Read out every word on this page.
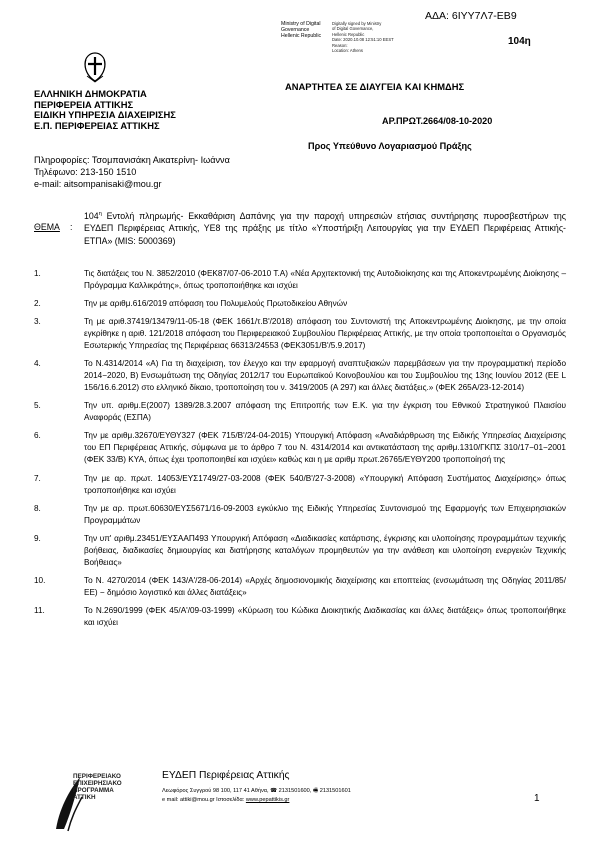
ΑΔΑ: 6ΙΥΥ7Λ7-ΕΒ9
Ministry of Digital
Governance
Hellenic Republic
Digitally signed by Ministry
of Digital Governance,
Hellenic Republic
Date: 2020.10.08 12:51:10 EEST
Reason:
Location: Athens
104η
ΕΛΛΗΝΙΚΗ ΔΗΜΟΚΡΑΤΙΑ
ΠΕΡΙΦΕΡΕΙΑ ΑΤΤΙΚΗΣ
ΕΙΔΙΚΗ ΥΠΗΡΕΣΙΑ ΔΙΑΧΕΙΡΙΣΗΣ
Ε.Π. ΠΕΡΙΦΕΡΕΙΑΣ ΑΤΤΙΚΗΣ
ΑΝΑΡΤΗΤΕΑ ΣΕ ΔΙΑΥΓΕΙΑ ΚΑΙ ΚΗΜΔΗΣ
ΑΡ.ΠΡΩΤ.2664/08-10-2020
Προς Υπεύθυνο Λογαριασμού Πράξης
Πληροφορίες: Τσομπανισάκη Αικατερίνη- Ιωάννα
Τηλέφωνο: 213-150 1510
e-mail: aitsompanisaki@mou.gr
ΘΕΜΑ :
$104^\eta$ Εντολή πληρωμής- Εκκαθάριση Δαπάνης για την παροχή υπηρεσιών ετήσιας συντήρησης πυροσβεστήρων της ΕΥΔΕΠ Περιφέρειας Αττικής, ΥΕ8 της πράξης με τίτλο «Υποστήριξη Λειτουργίας για την ΕΥΔΕΠ Περιφέρειας Αττικής- ΕΤΠΑ» (MIS: 5000369)
1.	Τις διατάξεις του Ν. 3852/2010 (ΦΕΚ87/07-06-2010 Τ.Α) «Νέα Αρχιτεκτονική της Αυτοδιοίκησης και της Αποκεντρωμένης Διοίκησης – Πρόγραμμα Καλλικράτης», όπως τροποποιήθηκε και ισχύει
2.	Την με αριθμ.616/2019 απόφαση του Πολυμελούς Πρωτοδικείου Αθηνών
3.	Τη με αριθ.37419/13479/11-05-18 (ΦΕΚ 1661/τ.Β'/2018) απόφαση του Συντονιστή της Αποκεντρωμένης Διοίκησης, με την οποία εγκρίθηκε η αριθ. 121/2018 απόφαση του Περιφερειακού Συμβουλίου Περιφέρειας Αττικής, με την οποία τροποποιείται ο Οργανισμός Εσωτερικής Υπηρεσίας της Περιφέρειας 66313/24553 (ΦΕΚ3051/Β'/5.9.2017)
4.	Το Ν.4314/2014 «Α) Για τη διαχείριση, τον έλεγχο και την εφαρμογή αναπτυξιακών παρεμβάσεων για την προγραμματική περίοδο 2014−2020, Β) Ενσωμάτωση της Οδηγίας 2012/17 του Ευρωπαϊκού Κοινοβουλίου και του Συμβουλίου της 13ης Ιουνίου 2012 (ΕΕ L 156/16.6.2012) στο ελληνικό δίκαιο, τροποποίηση του ν. 3419/2005 (Α 297) και άλλες διατάξεις.» (ΦΕΚ 265Α/23-12-2014)
5.	Την υπ. αριθμ.Ε(2007) 1389/28.3.2007 απόφαση της Επιτροπής των Ε.Κ. για την έγκριση του Εθνικού Στρατηγικού Πλαισίου Αναφοράς (ΕΣΠΑ)
6.	Την με αριθμ.32670/ΕΥΘΥ327 (ΦΕΚ 715/Β'/24-04-2015) Υπουργική Απόφαση «Αναδιάρθρωση της Ειδικής Υπηρεσίας Διαχείρισης του ΕΠ Περιφέρειας Αττικής, σύμφωνα με το άρθρο 7 του Ν. 4314/2014 και αντικατάσταση της αριθμ.1310/ΓΚΠΣ 310/17−01−2001 (ΦΕΚ 33/Β) ΚΥΑ, όπως έχει τροποποιηθεί και ισχύει» καθώς και η με αριθμ πρωτ.26765/ΕΥΘΥ200 τροποποίησή της
7.	Την με αρ. πρωτ. 14053/ΕΥΣ1749/27-03-2008 (ΦΕΚ 540/Β'/27-3-2008) «Υπουργική Απόφαση Συστήματος Διαχείρισης» όπως τροποποιήθηκε και ισχύει
8.	Την με αρ. πρωτ.60630/ΕΥΣ5671/16-09-2003 εγκύκλιο της Ειδικής Υπηρεσίας Συντονισμού της Εφαρμογής των Επιχειρησιακών Προγραμμάτων
9.	Την υπ' αριθμ.23451/ΕΥΣΑΑΠ493 Υπουργική Απόφαση «Διαδικασίες κατάρτισης, έγκρισης και υλοποίησης προγραμμάτων τεχνικής βοήθειας, διαδικασίες δημιουργίας και διατήρησης καταλόγων προμηθευτών για την ανάθεση και υλοποίηση ενεργειών Τεχνικής Βοήθειας»
10.	Το Ν. 4270/2014 (ΦΕΚ 143/Α'/28-06-2014) «Αρχές δημοσιονομικής διαχείρισης και εποπτείας (ενσωμάτωση της Οδηγίας 2011/85/ΕΕ) − δημόσιο λογιστικό και άλλες διατάξεις»
11.	Το Ν.2690/1999 (ΦΕΚ 45/Α'/09-03-1999) «Κύρωση του Κώδικα Διοικητικής Διαδικασίας και άλλες διατάξεις» όπως τροποποιήθηκε και ισχύει
ΠΕΡΙΦΕΡΕΙΑΚΟ
ΕΠΙΧΕΙΡΗΣΙΑΚΟ
ΠΡΟΓΡΑΜΜΑ
ΑΤΤΙΚΗ
ΕΥΔΕΠ Περιφέρειας Αττικής
Λεωφόρος Συγγρού 98 100, 117 41 Αθήνα, ☎ 2131501600, 🖷 2131501601
e mail: attiki@mou.gr Ιστοσελίδα: www.pepattikis.gr	1
